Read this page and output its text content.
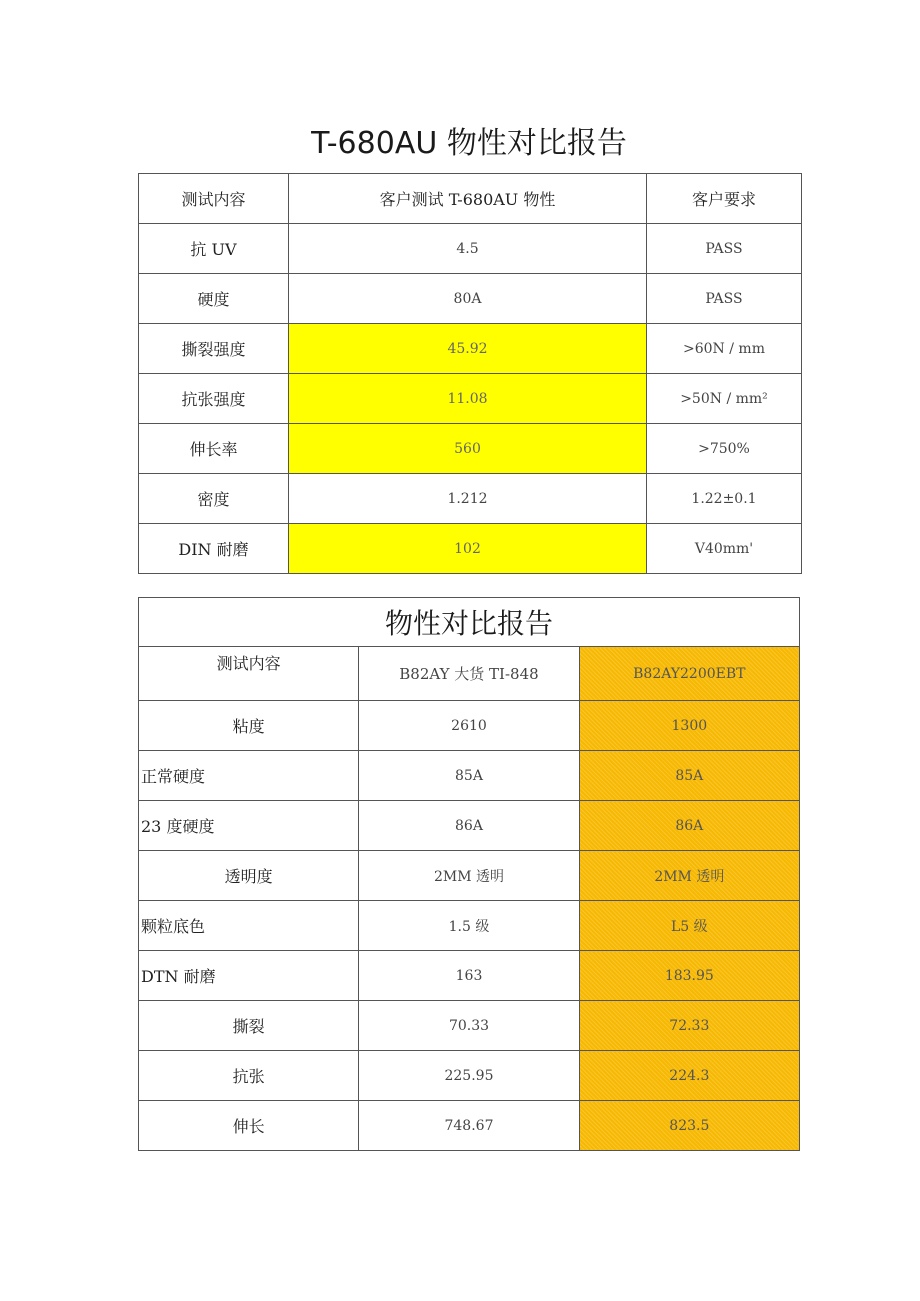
T-680AU 物性对比报告
测试内容	客户测试 T-680AU 物性	客户要求
抗 UV	4.5	PASS
硬度	80A	PASS
撕裂强度	45.92	>60N / mm
抗张强度	11.08	>50N / mm²
伸长率	560	>750%
密度	1.212	1.22±0.1
DIN 耐磨	102	V40mm'
物性对比报告		
测试内容	B82AY 大货 TI-848	B82AY2200EBT
粘度	2610	1300
正常硬度	85A	85A
23 度硬度	86A	86A
透明度	2MM 透明	2MM 透明
颗粒底色	1.5 级	L5 级
DTN 耐磨	163	183.95
撕裂	70.33	72.33
抗张	225.95	224.3
伸长	748.67	823.5
